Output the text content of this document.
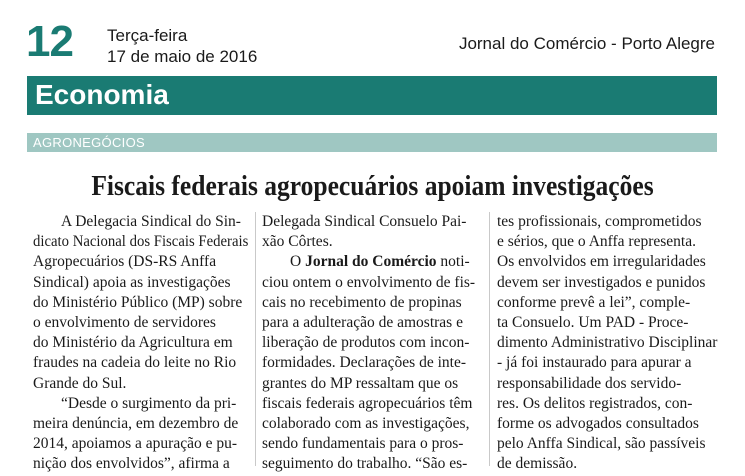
12 Terça-feira
17 de maio de 2016
Jornal do Comércio - Porto Alegre
Economia
AGRONEGÓCIOS
Fiscais federais agropecuários apoiam investigações
A Delegacia Sindical do Sin-
dicato Nacional dos Fiscais Federais
Agropecuários (DS-RS Anffa
Sindical) apoia as investigações
do Ministério Público (MP) sobre
o envolvimento de servidores
do Ministério da Agricultura em
fraudes na cadeia do leite no Rio
Grande do Sul.
“Desde o surgimento da pri-
meira denúncia, em dezembro de
2014, apoiamos a apuração e pu-
nição dos envolvidos”, afirma a
Delegada Sindical Consuelo Pai-
xão Côrtes.
O Jornal do Comércio noti-
ciou ontem o envolvimento de fis-
cais no recebimento de propinas
para a adulteração de amostras e
liberação de produtos com incon-
formidades. Declarações de inte-
grantes do MP ressaltam que os
fiscais federais agropecuários têm
colaborado com as investigações,
sendo fundamentais para o pros-
seguimento do trabalho. “São es-
tes profissionais, comprometidos
e sérios, que o Anffa representa.
Os envolvidos em irregularidades
devem ser investigados e punidos
conforme prevê a lei”, comple-
ta Consuelo. Um PAD - Proce-
dimento Administrativo Disciplinar
- já foi instaurado para apurar a
responsabilidade dos servido-
res. Os delitos registrados, con-
forme os advogados consultados
pelo Anffa Sindical, são passíveis
de demissão.
